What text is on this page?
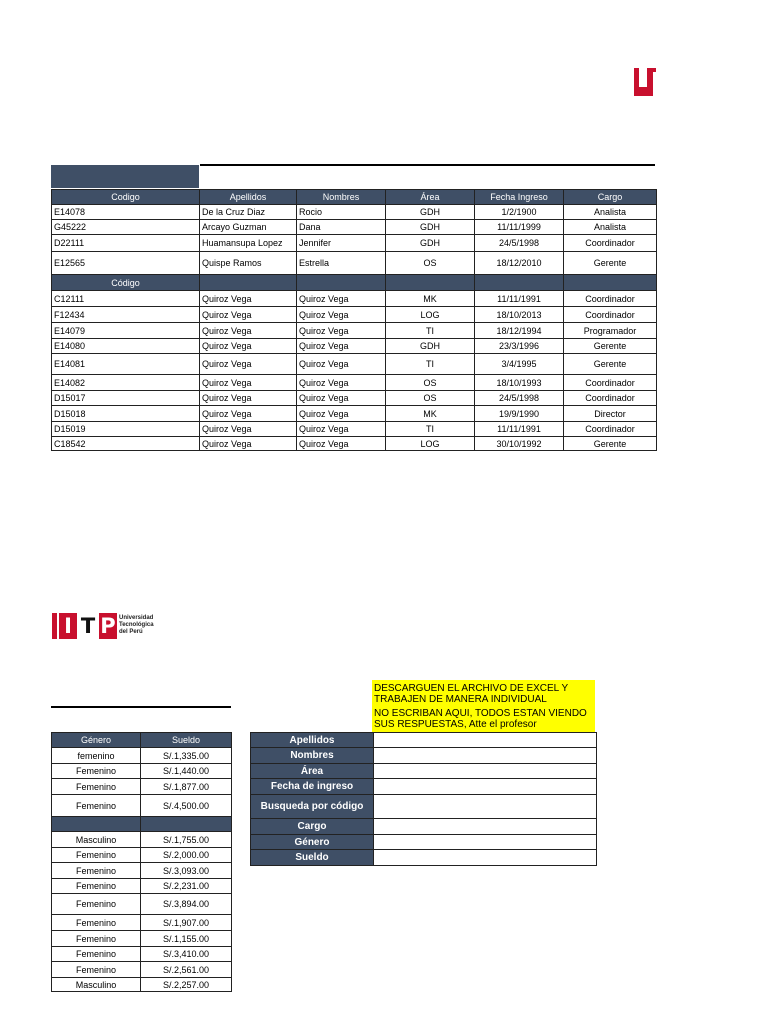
Codigo	Apellidos	Nombres	Área	Fecha Ingreso	Cargo
E14078	De la Cruz Diaz	Rocio	GDH	1/2/1900	Analista
G45222	Arcayo Guzman	Dana	GDH	11/11/1999	Analista
D22111	Huamansupa Lopez	Jennifer	GDH	24/5/1998	Coordinador
E12565	Quispe Ramos	Estrella	OS	18/12/2010	Gerente
Código					
C12111	Quiroz Vega	Quiroz Vega	MK	11/11/1991	Coordinador
F12434	Quiroz Vega	Quiroz Vega	LOG	18/10/2013	Coordinador
E14079	Quiroz Vega	Quiroz Vega	TI	18/12/1994	Programador
E14080	Quiroz Vega	Quiroz Vega	GDH	23/3/1996	Gerente
E14081	Quiroz Vega	Quiroz Vega	TI	3/4/1995	Gerente
E14082	Quiroz Vega	Quiroz Vega	OS	18/10/1993	Coordinador
D15017	Quiroz Vega	Quiroz Vega	OS	24/5/1998	Coordinador
D15018	Quiroz Vega	Quiroz Vega	MK	19/9/1990	Director
D15019	Quiroz Vega	Quiroz Vega	TI	11/11/1991	Coordinador
C18542	Quiroz Vega	Quiroz Vega	LOG	30/10/1992	Gerente
I T P Universidad
Tecnológica
del Perú

DESCARGUEN EL ARCHIVO DE EXCEL Y TRABAJEN DE MANERA INDIVIDUAL

NO ESCRIBAN AQUI, TODOS ESTAN VIENDO SUS RESPUESTAS, Atte el profesor

Género	Sueldo
femenino	S/.1,335.00
Femenino	S/.1,440.00
Femenino	S/.1,877.00
Femenino	S/.4,500.00

Masculino	S/.1,755.00
Femenino	S/.2,000.00
Femenino	S/.3,093.00
Femenino	S/.2,231.00
Femenino	S/.3,894.00
Femenino	S/.1,907.00
Femenino	S/.1,155.00
Femenino	S/.3,410.00
Femenino	S/.2,561.00
Masculino	S/.2,257.00
Apellidos	
Nombres	
Área	
Fecha de ingreso	
Busqueda por código	
Cargo	
Género	
Sueldo	
